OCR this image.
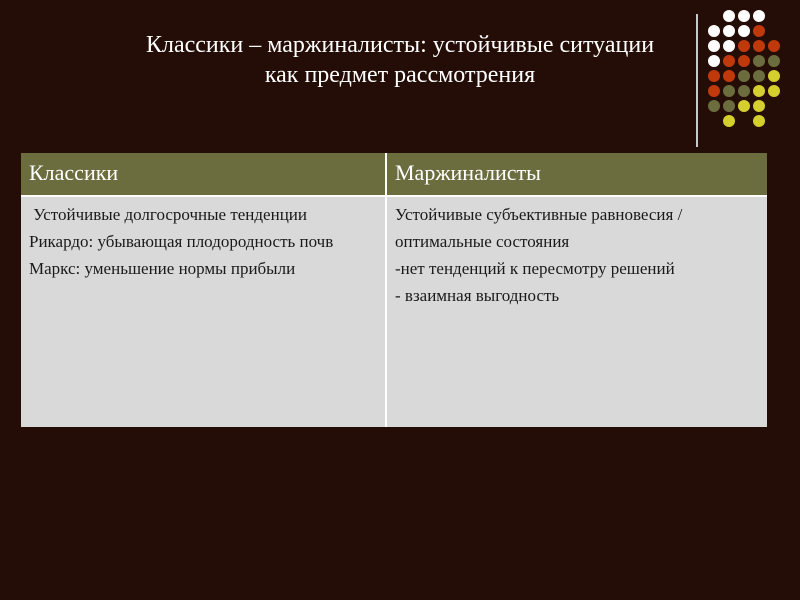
Классики – маржиналисты: устойчивые ситуации
как предмет рассмотрения
Классики	Маржиналисты
Устойчивые долгосрочные тенденции
Рикардо: убывающая плодородность почв
Маркс: уменьшение нормы прибыли
Устойчивые субъективные равновесия / оптимальные состояния
-нет тенденций к пересмотру решений
- взаимная выгодность
